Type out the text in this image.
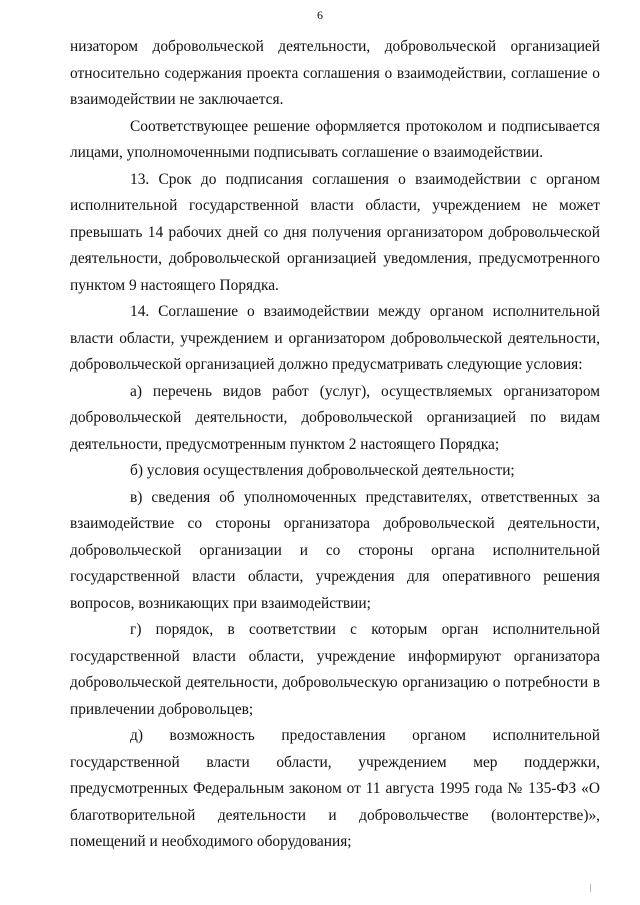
6

низатором добровольческой деятельности, добровольческой организацией относительно содержания проекта соглашения о взаимодействии, соглашение о взаимодействии не заключается.

Соответствующее решение оформляется протоколом и подписывается лицами, уполномоченными подписывать соглашение о взаимодействии.

13. Срок до подписания соглашения о взаимодействии с органом исполнительной государственной власти области, учреждением не может превышать 14 рабочих дней со дня получения организатором добровольческой деятельности, добровольческой организацией уведомления, предусмотренного пунктом 9 настоящего Порядка.

14. Соглашение о взаимодействии между органом исполнительной власти области, учреждением и организатором добровольческой деятельности, добровольческой организацией должно предусматривать следующие условия:

а) перечень видов работ (услуг), осуществляемых организатором добровольческой деятельности, добровольческой организацией по видам деятельности, предусмотренным пунктом 2 настоящего Порядка;

б) условия осуществления добровольческой деятельности;

в) сведения об уполномоченных представителях, ответственных за взаимодействие со стороны организатора добровольческой деятельности, добровольческой организации и со стороны органа исполнительной государственной власти области, учреждения для оперативного решения вопросов, возникающих при взаимодействии;

г) порядок, в соответствии с которым орган исполнительной государственной власти области, учреждение информируют организатора добровольческой деятельности, добровольческую организацию о потребности в привлечении добровольцев;

д) возможность предоставления органом исполнительной государственной власти области, учреждением мер поддержки, предусмотренных Федеральным законом от 11 августа 1995 года № 135-ФЗ «О благотворительной деятельности и добровольчестве (волонтерстве)», помещений и необходимого оборудования;
